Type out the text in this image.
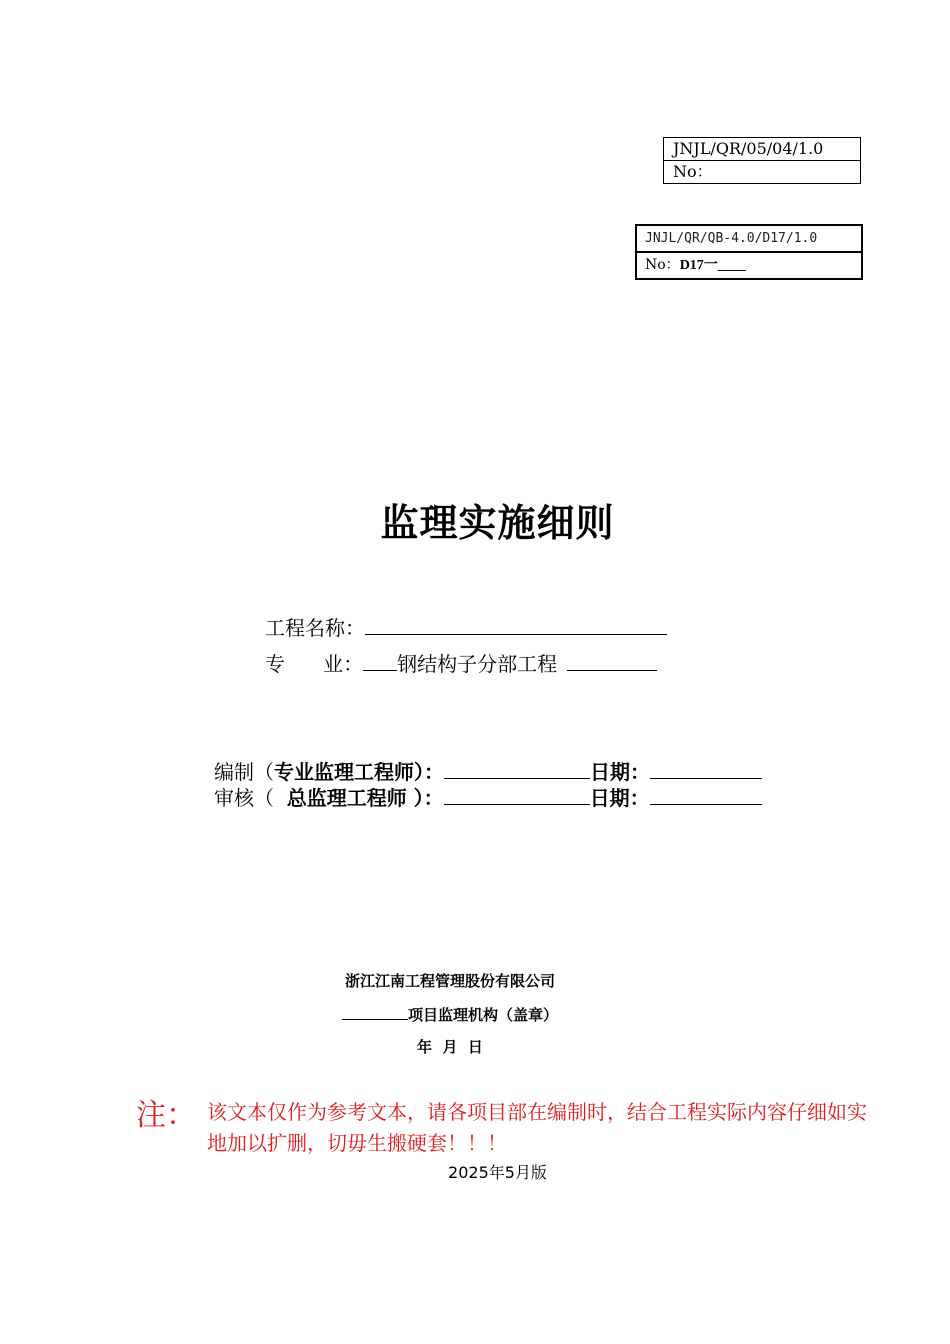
JNJL/QR/05/04/1.0
No：
JNJL/QR/QB-4.0/D17/1.0
No：D17一____
监理实施细则
工程名称：
专      业： 钢结构子分部工程
编制（专业监理工程师）：	日期：
审核（  总监理工程师 ）：	日期：
浙江江南工程管理股份有限公司
项目监理机构（盖章）
年  月  日
注： 该文本仅作为参考文本，请各项目部在编制时，结合工程实际内容仔细如实地加以扩删，切毋生搬硬套！！！
2025年5月版
